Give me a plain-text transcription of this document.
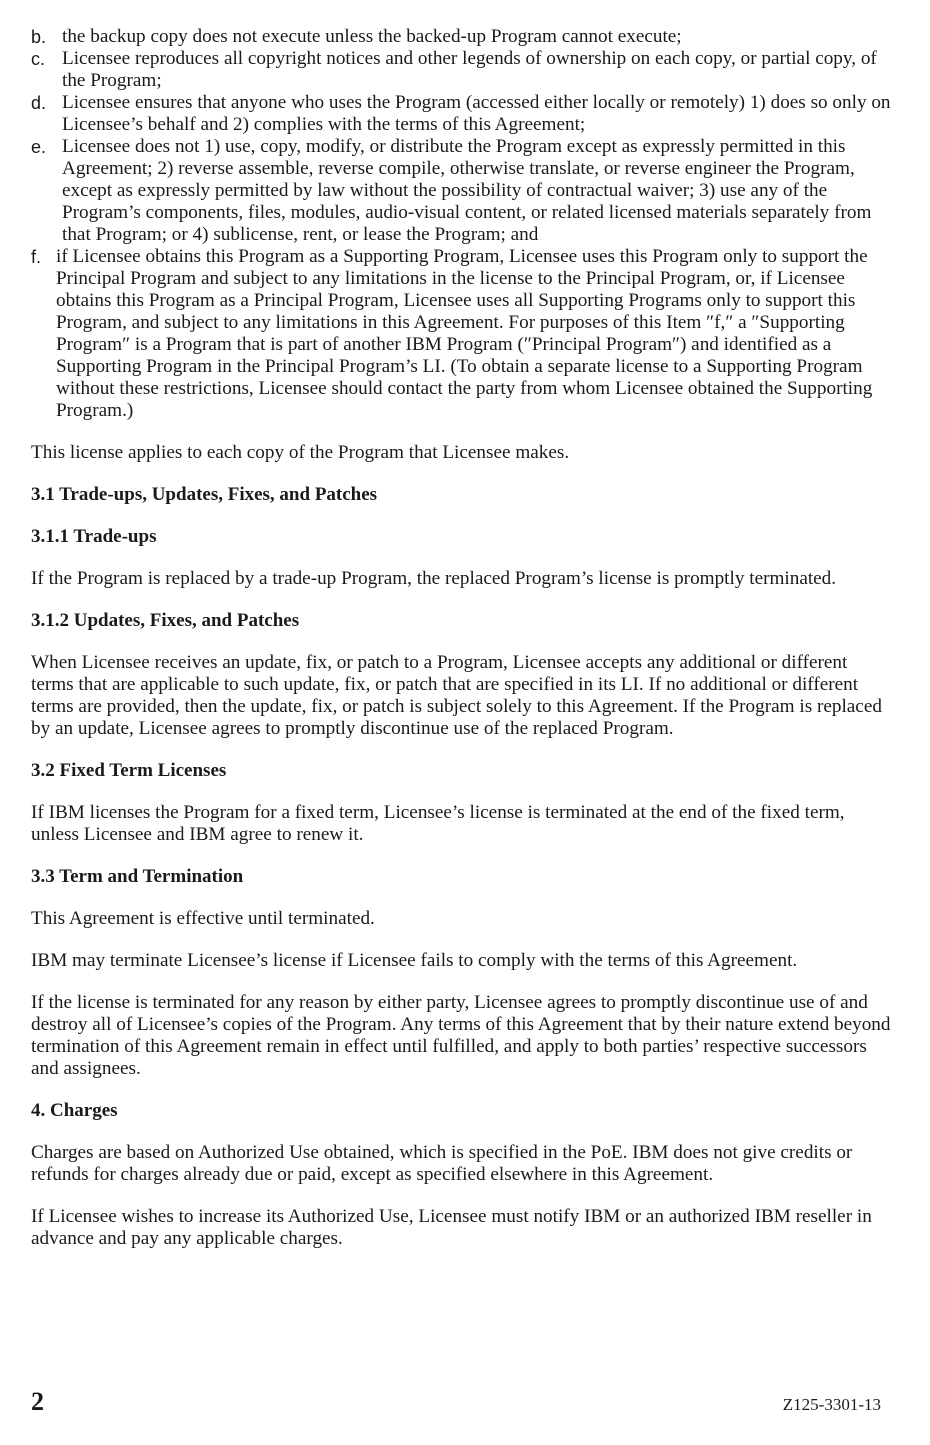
b. the backup copy does not execute unless the backed-up Program cannot execute;
c. Licensee reproduces all copyright notices and other legends of ownership on each copy, or partial copy, of the Program;
d. Licensee ensures that anyone who uses the Program (accessed either locally or remotely) 1) does so only on Licensee’s behalf and 2) complies with the terms of this Agreement;
e. Licensee does not 1) use, copy, modify, or distribute the Program except as expressly permitted in this Agreement; 2) reverse assemble, reverse compile, otherwise translate, or reverse engineer the Program, except as expressly permitted by law without the possibility of contractual waiver; 3) use any of the Program’s components, files, modules, audio-visual content, or related licensed materials separately from that Program; or 4) sublicense, rent, or lease the Program; and
f. if Licensee obtains this Program as a Supporting Program, Licensee uses this Program only to support the Principal Program and subject to any limitations in the license to the Principal Program, or, if Licensee obtains this Program as a Principal Program, Licensee uses all Supporting Programs only to support this Program, and subject to any limitations in this Agreement. For purposes of this Item ″f,″ a ″Supporting Program″ is a Program that is part of another IBM Program (″Principal Program″) and identified as a Supporting Program in the Principal Program’s LI. (To obtain a separate license to a Supporting Program without these restrictions, Licensee should contact the party from whom Licensee obtained the Supporting Program.)

This license applies to each copy of the Program that Licensee makes.

3.1 Trade-ups, Updates, Fixes, and Patches
3.1.1 Trade-ups

If the Program is replaced by a trade-up Program, the replaced Program’s license is promptly terminated.

3.1.2 Updates, Fixes, and Patches

When Licensee receives an update, fix, or patch to a Program, Licensee accepts any additional or different terms that are applicable to such update, fix, or patch that are specified in its LI. If no additional or different terms are provided, then the update, fix, or patch is subject solely to this Agreement. If the Program is replaced by an update, Licensee agrees to promptly discontinue use of the replaced Program.

3.2 Fixed Term Licenses

If IBM licenses the Program for a fixed term, Licensee’s license is terminated at the end of the fixed term, unless Licensee and IBM agree to renew it.

3.3 Term and Termination

This Agreement is effective until terminated.

IBM may terminate Licensee’s license if Licensee fails to comply with the terms of this Agreement.

If the license is terminated for any reason by either party, Licensee agrees to promptly discontinue use of and destroy all of Licensee’s copies of the Program. Any terms of this Agreement that by their nature extend beyond termination of this Agreement remain in effect until fulfilled, and apply to both parties’ respective successors and assignees.

4. Charges

Charges are based on Authorized Use obtained, which is specified in the PoE. IBM does not give credits or refunds for charges already due or paid, except as specified elsewhere in this Agreement.

If Licensee wishes to increase its Authorized Use, Licensee must notify IBM or an authorized IBM reseller in advance and pay any applicable charges.

2	Z125-3301-13
